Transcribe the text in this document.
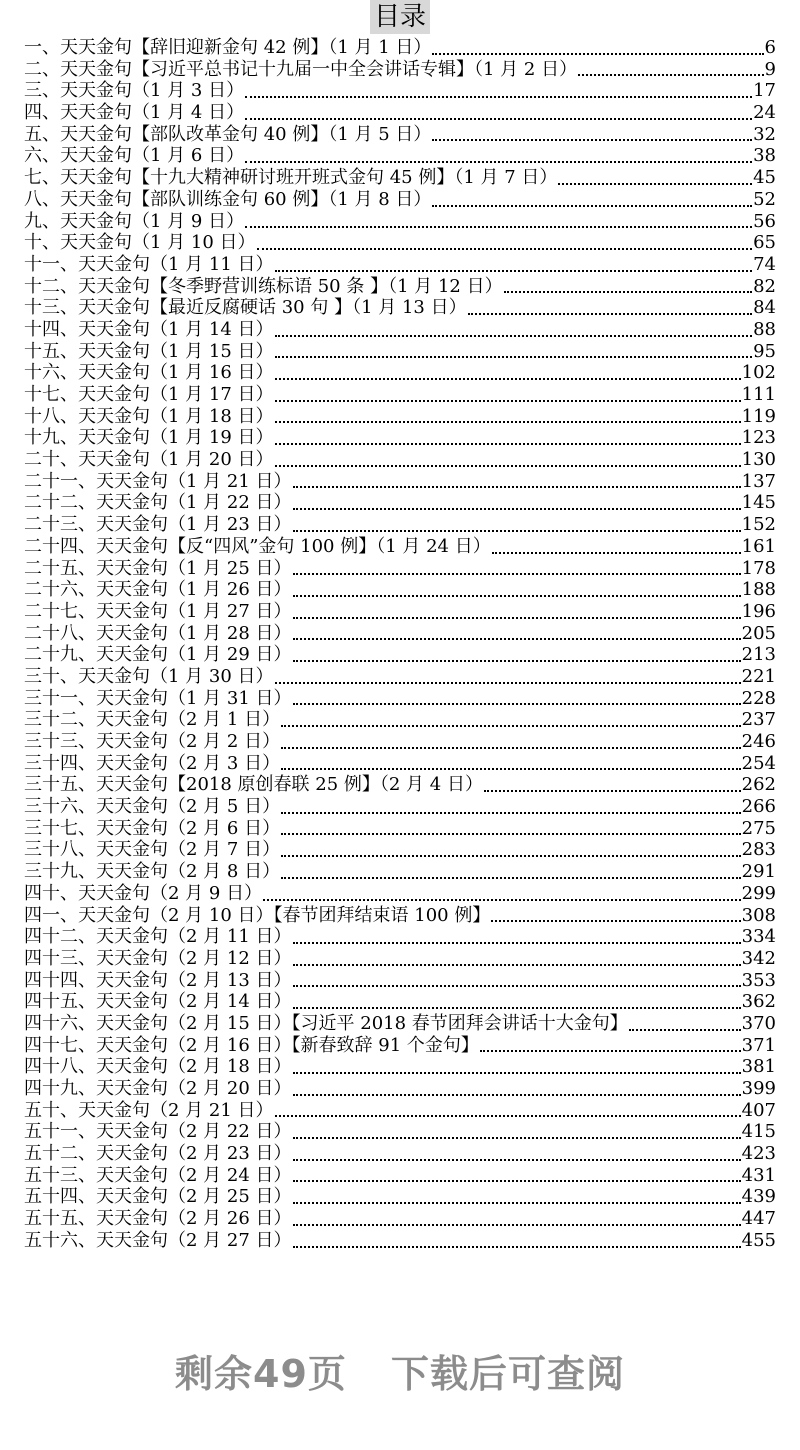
目录
一、天天金句【辞旧迎新金句 42 例】（1 月 1 日）	6
二、天天金句【习近平总书记十九届一中全会讲话专辑】（1 月 2 日）	9
三、天天金句（1 月 3 日）	17
四、天天金句（1 月 4 日）	24
五、天天金句【部队改革金句 40 例】（1 月 5 日）	32
六、天天金句（1 月 6 日）	38
七、天天金句【十九大精神研讨班开班式金句 45 例】（1 月 7 日）	45
八、天天金句【部队训练金句 60 例】（1 月 8 日）	52
九、天天金句（1 月 9 日）	56
十、天天金句（1 月 10 日）	65
十一、天天金句（1 月 11 日）	74
十二、天天金句【冬季野营训练标语 50 条 】（1 月 12 日）	82
十三、天天金句【最近反腐硬话 30 句 】（1 月 13 日）	84
十四、天天金句（1 月 14 日）	88
十五、天天金句（1 月 15 日）	95
十六、天天金句（1 月 16 日）	102
十七、天天金句（1 月 17 日）	111
十八、天天金句（1 月 18 日）	119
十九、天天金句（1 月 19 日）	123
二十、天天金句（1 月 20 日）	130
二十一、天天金句（1 月 21 日）	137
二十二、天天金句（1 月 22 日）	145
二十三、天天金句（1 月 23 日）	152
二十四、天天金句【反“四风”金句 100 例】（1 月 24 日）	161
二十五、天天金句（1 月 25 日）	178
二十六、天天金句（1 月 26 日）	188
二十七、天天金句（1 月 27 日）	196
二十八、天天金句（1 月 28 日）	205
二十九、天天金句（1 月 29 日）	213
三十、天天金句（1 月 30 日）	221
三十一、天天金句（1 月 31 日）	228
三十二、天天金句（2 月 1 日）	237
三十三、天天金句（2 月 2 日）	246
三十四、天天金句（2 月 3 日）	254
三十五、天天金句【2018 原创春联 25 例】（2 月 4 日）	262
三十六、天天金句（2 月 5 日）	266
三十七、天天金句（2 月 6 日）	275
三十八、天天金句（2 月 7 日）	283
三十九、天天金句（2 月 8 日）	291
四十、天天金句（2 月 9 日）	299
四一、天天金句（2 月 10 日）【春节团拜结束语 100 例】	308
四十二、天天金句（2 月 11 日）	334
四十三、天天金句（2 月 12 日）	342
四十四、天天金句（2 月 13 日）	353
四十五、天天金句（2 月 14 日）	362
四十六、天天金句（2 月 15 日）【习近平 2018 春节团拜会讲话十大金句】	370
四十七、天天金句（2 月 16 日）【新春致辞 91 个金句】	371
四十八、天天金句（2 月 18 日）	381
四十九、天天金句（2 月 20 日）	399
五十、天天金句（2 月 21 日）	407
五十一、天天金句（2 月 22 日）	415
五十二、天天金句（2 月 23 日）	423
五十三、天天金句（2 月 24 日）	431
五十四、天天金句（2 月 25 日）	439
五十五、天天金句（2 月 26 日）	447
五十六、天天金句（2 月 27 日）	455
剩余49页 下载后可查阅
